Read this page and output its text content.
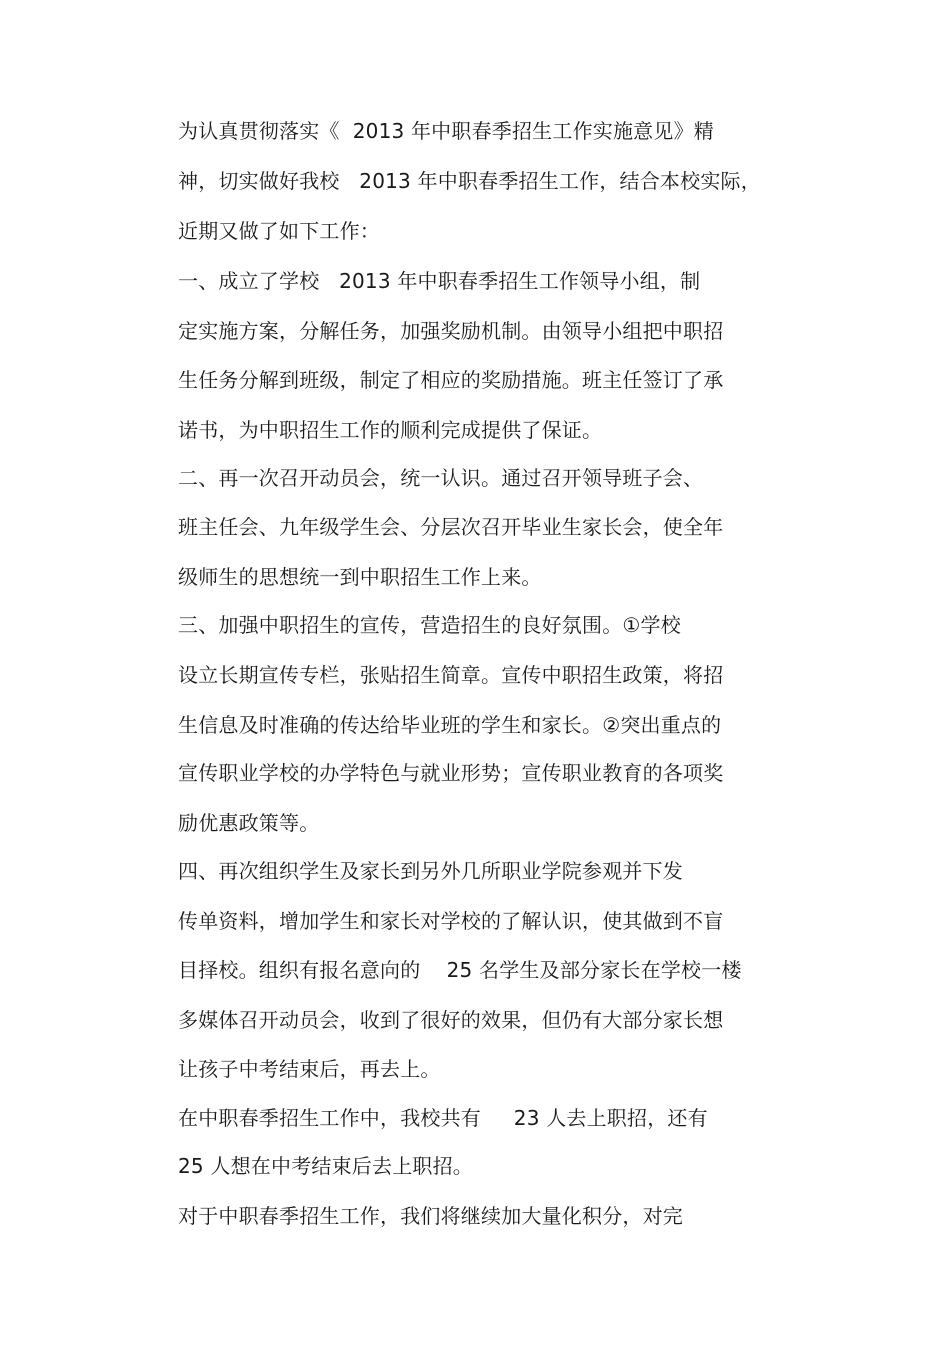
为认真贯彻落实《  2013 年中职春季招生工作实施意见》精
神，切实做好我校   2013 年中职春季招生工作，结合本校实际，
近期又做了如下工作：
一、成立了学校   2013 年中职春季招生工作领导小组，制
定实施方案，分解任务，加强奖励机制。由领导小组把中职招
生任务分解到班级，制定了相应的奖励措施。班主任签订了承
诺书，为中职招生工作的顺利完成提供了保证。
二、再一次召开动员会，统一认识。通过召开领导班子会、
班主任会、九年级学生会、分层次召开毕业生家长会，使全年
级师生的思想统一到中职招生工作上来。
三、加强中职招生的宣传，营造招生的良好氛围。①学校
设立长期宣传专栏，张贴招生简章。宣传中职招生政策，将招
生信息及时准确的传达给毕业班的学生和家长。②突出重点的
宣传职业学校的办学特色与就业形势；宣传职业教育的各项奖
励优惠政策等。
四、再次组织学生及家长到另外几所职业学院参观并下发
传单资料，增加学生和家长对学校的了解认识，使其做到不盲
目择校。组织有报名意向的    25 名学生及部分家长在学校一楼
多媒体召开动员会，收到了很好的效果，但仍有大部分家长想
让孩子中考结束后，再去上。
在中职春季招生工作中，我校共有     23 人去上职招，还有
25 人想在中考结束后去上职招。
对于中职春季招生工作，我们将继续加大量化积分，对完
